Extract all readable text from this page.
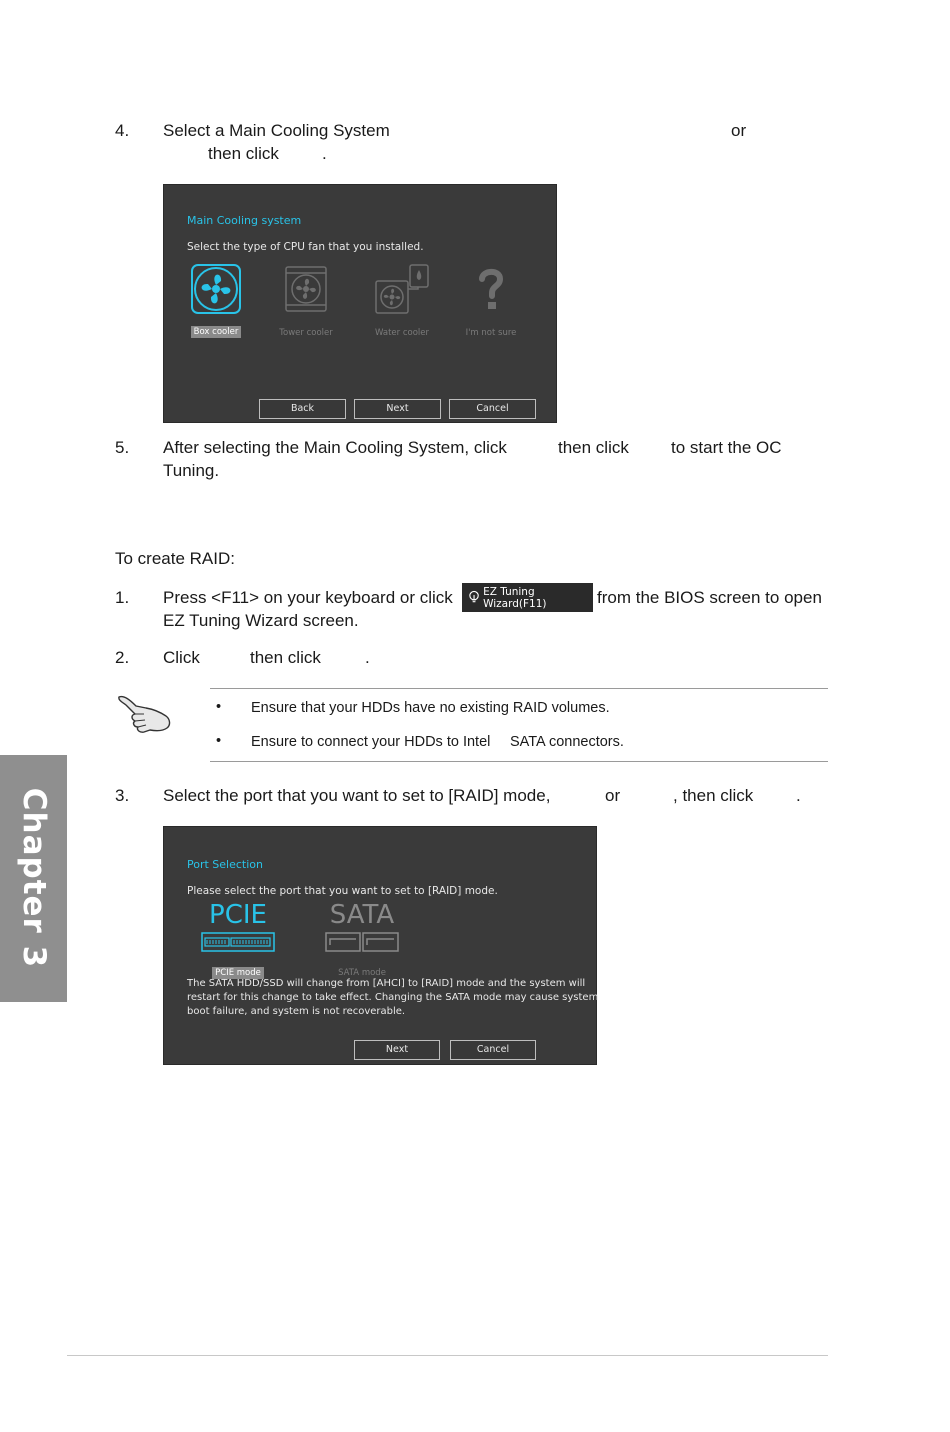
4. Select a Main Cooling System	or
then click	.
Main Cooling system
Select the type of CPU fan that you installed.
Box cooler	Tower cooler	Water cooler	I'm not sure
Back	Next	Cancel
5. After selecting the Main Cooling System, click	then click to start the OC
Tuning.
To create RAID:
1. Press <F11> on your keyboard or click	EZ Tuning Wizard(F11)	from the BIOS screen to open
EZ Tuning Wizard screen.
2. Click	then click	.
• Ensure that your HDDs have no existing RAID volumes.
• Ensure to connect your HDDs to Intel SATA connectors.
3. Select the port that you want to set to [RAID] mode,	or	, then click	.
Port Selection
Please select the port that you want to set to [RAID] mode.
PCIE
PCIE mode
SATA
SATA mode
The SATA HDD/SSD will change from [AHCI] to [RAID] mode and the system will
restart for this change to take effect. Changing the SATA mode may cause system
boot failure, and system is not recoverable.
Next	Cancel
Chapter 3
